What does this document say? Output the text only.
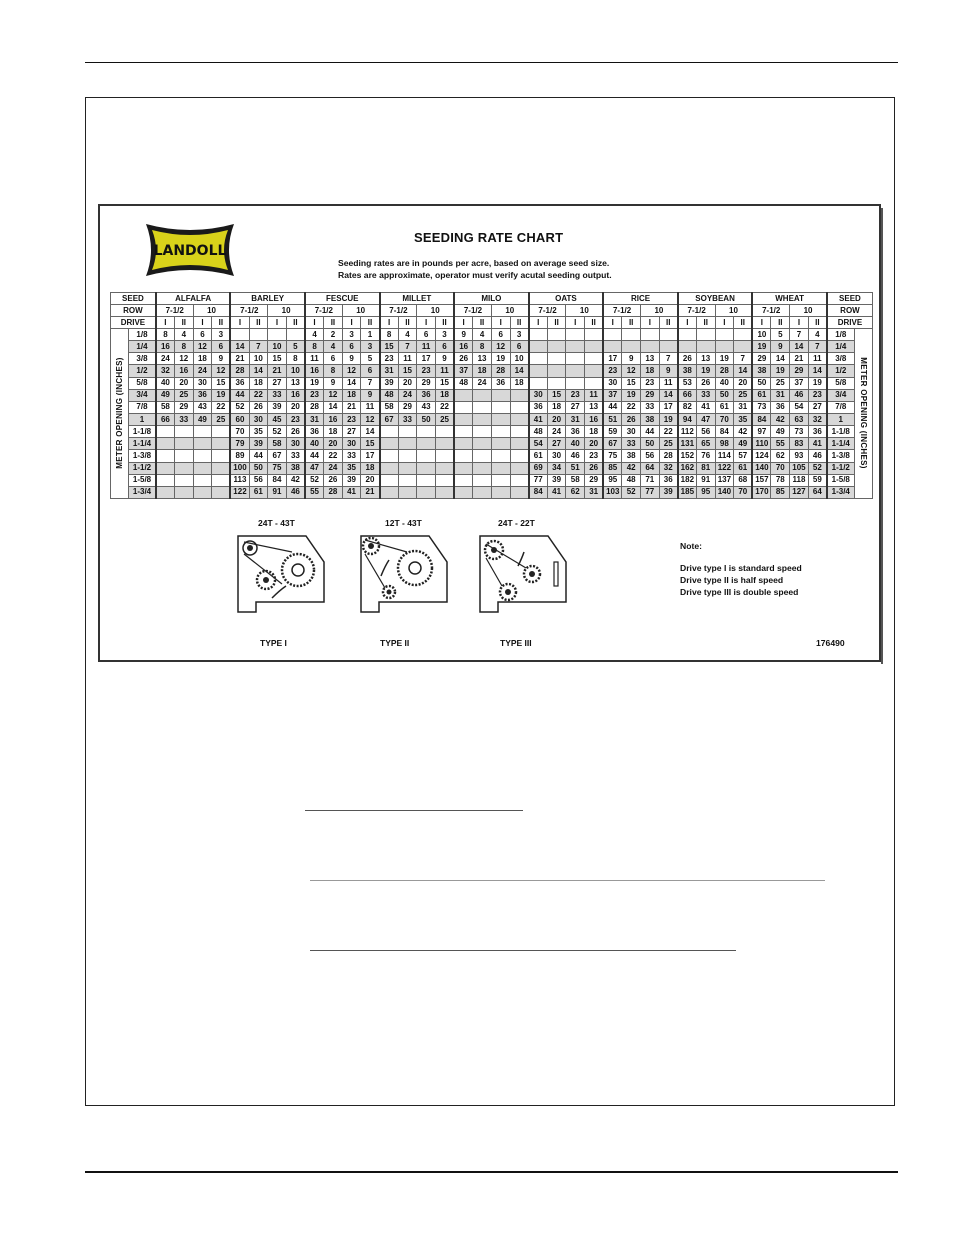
LANDOLL
SEEDING RATE CHART
Seeding rates are in pounds per acre, based on average seed size.
Rates are approximate, operator must verify acutal seeding output.
SEED		ALFALFA				BARLEY				FESCUE				MILLET				MILO				OATS				RICE				SOYBEAN				WHEAT				SEED	
ROW		7-1/2		10		7-1/2		10		7-1/2		10		7-1/2		10		7-1/2		10		7-1/2		10		7-1/2		10		7-1/2		10		7-1/2		10		ROW	
DRIVE		I	II	I	II	I	II	I	II	I	II	I	II	I	II	I	II	I	II	I	II	I	II	I	II	I	II	I	II	I	II	I	II	I	II	I	II	DRIVE	

METER OPENING (INCHES)	1/8	8	4	6	3					4	2	3	1	8	4	6	3	9	4	6	3													10	5	7	4	1/8	METER OPENING (INCHES)

	1/4	16	8	12	6	14	7	10	5	8	4	6	3	15	7	11	6	16	8	12	6													19	9	14	7	1/4	
	3/8	24	12	18	9	21	10	15	8	11	6	9	5	23	11	17	9	26	13	19	10					17	9	13	7	26	13	19	7	29	14	21	11	3/8	
	1/2	32	16	24	12	28	14	21	10	16	8	12	6	31	15	23	11	37	18	28	14					23	12	18	9	38	19	28	14	38	19	29	14	1/2	
	5/8	40	20	30	15	36	18	27	13	19	9	14	7	39	20	29	15	48	24	36	18					30	15	23	11	53	26	40	20	50	25	37	19	5/8	
	3/4	49	25	36	19	44	22	33	16	23	12	18	9	48	24	36	18					30	15	23	11	37	19	29	14	66	33	50	25	61	31	46	23	3/4	
	7/8	58	29	43	22	52	26	39	20	28	14	21	11	58	29	43	22					36	18	27	13	44	22	33	17	82	41	61	31	73	36	54	27	7/8	
	1	66	33	49	25	60	30	45	23	31	16	23	12	67	33	50	25					41	20	31	16	51	26	38	19	94	47	70	35	84	42	63	32	1	
	1-1/8					70	35	52	26	36	18	27	14									48	24	36	18	59	30	44	22	112	56	84	42	97	49	73	36	1-1/8	
	1-1/4					79	39	58	30	40	20	30	15									54	27	40	20	67	33	50	25	131	65	98	49	110	55	83	41	1-1/4	
	1-3/8					89	44	67	33	44	22	33	17									61	30	46	23	75	38	56	28	152	76	114	57	124	62	93	46	1-3/8	
	1-1/2					100	50	75	38	47	24	35	18									69	34	51	26	85	42	64	32	162	81	122	61	140	70	105	52	1-1/2	
	1-5/8					113	56	84	42	52	26	39	20									77	39	58	29	95	48	71	36	182	91	137	68	157	78	118	59	1-5/8	
	1-3/4					122	61	91	46	55	28	41	21									84	41	62	31	103	52	77	39	185	95	140	70	170	85	127	64	1-3/4	
24T - 43T	12T - 43T	24T - 22T
TYPE I	TYPE II	TYPE III
Note:
Drive type I is standard speed
Drive type II is half speed
Drive type III is double speed
176490
